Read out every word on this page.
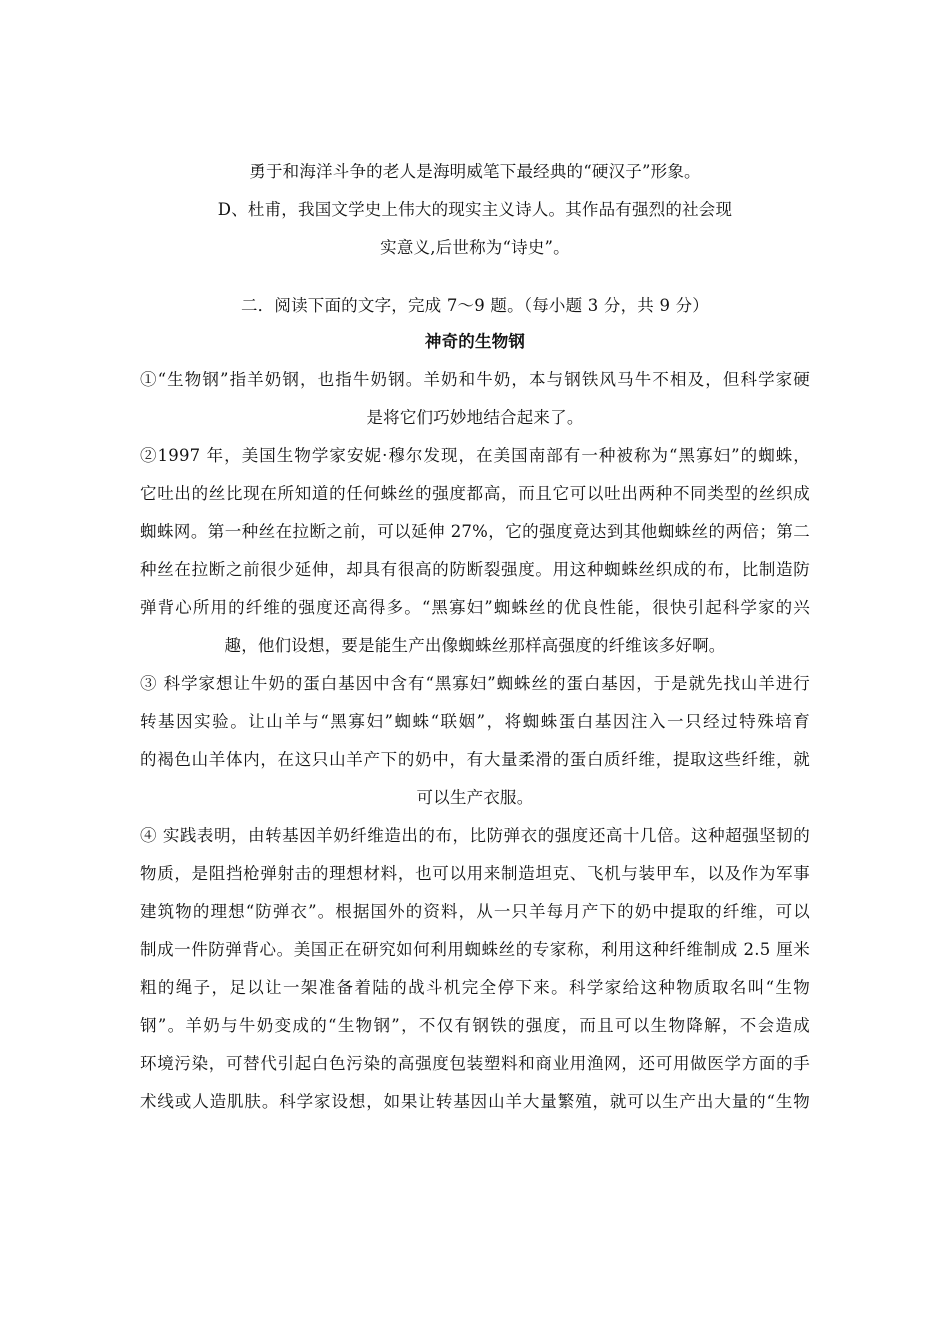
勇于和海洋斗争的老人是海明威笔下最经典的“硬汉子”形象。
D、杜甫，我国文学史上伟大的现实主义诗人。其作品有强烈的社会现
实意义,后世称为“诗史”。
二．阅读下面的文字，完成 7～9 题。（每小题 3 分，共 9 分）
神奇的生物钢
①“生物钢”指羊奶钢，也指牛奶钢。羊奶和牛奶，本与钢铁风马牛不相及，但科学家硬
是将它们巧妙地结合起来了。
②1997 年，美国生物学家安妮·穆尔发现，在美国南部有一种被称为“黑寡妇”的蜘蛛，
它吐出的丝比现在所知道的任何蛛丝的强度都高，而且它可以吐出两种不同类型的丝织成
蜘蛛网。第一种丝在拉断之前，可以延伸 27%，它的强度竟达到其他蜘蛛丝的两倍；第二
种丝在拉断之前很少延伸，却具有很高的防断裂强度。用这种蜘蛛丝织成的布，比制造防
弹背心所用的纤维的强度还高得多。“黑寡妇”蜘蛛丝的优良性能，很快引起科学家的兴
趣，他们设想，要是能生产出像蜘蛛丝那样高强度的纤维该多好啊。
③ 科学家想让牛奶的蛋白基因中含有“黑寡妇”蜘蛛丝的蛋白基因，于是就先找山羊进行
转基因实验。让山羊与“黑寡妇”蜘蛛“联姻”，将蜘蛛蛋白基因注入一只经过特殊培育
的褐色山羊体内，在这只山羊产下的奶中，有大量柔滑的蛋白质纤维，提取这些纤维，就
可以生产衣服。
④ 实践表明，由转基因羊奶纤维造出的布，比防弹衣的强度还高十几倍。这种超强坚韧的
物质，是阻挡枪弹射击的理想材料，也可以用来制造坦克、飞机与装甲车，以及作为军事
建筑物的理想“防弹衣”。根据国外的资料，从一只羊每月产下的奶中提取的纤维，可以
制成一件防弹背心。美国正在研究如何利用蜘蛛丝的专家称，利用这种纤维制成 2.5 厘米
粗的绳子，足以让一架准备着陆的战斗机完全停下来。科学家给这种物质取名叫“生物
钢”。羊奶与牛奶变成的“生物钢”，不仅有钢铁的强度，而且可以生物降解，不会造成
环境污染，可替代引起白色污染的高强度包装塑料和商业用渔网，还可用做医学方面的手
术线或人造肌肤。科学家设想，如果让转基因山羊大量繁殖，就可以生产出大量的“生物
